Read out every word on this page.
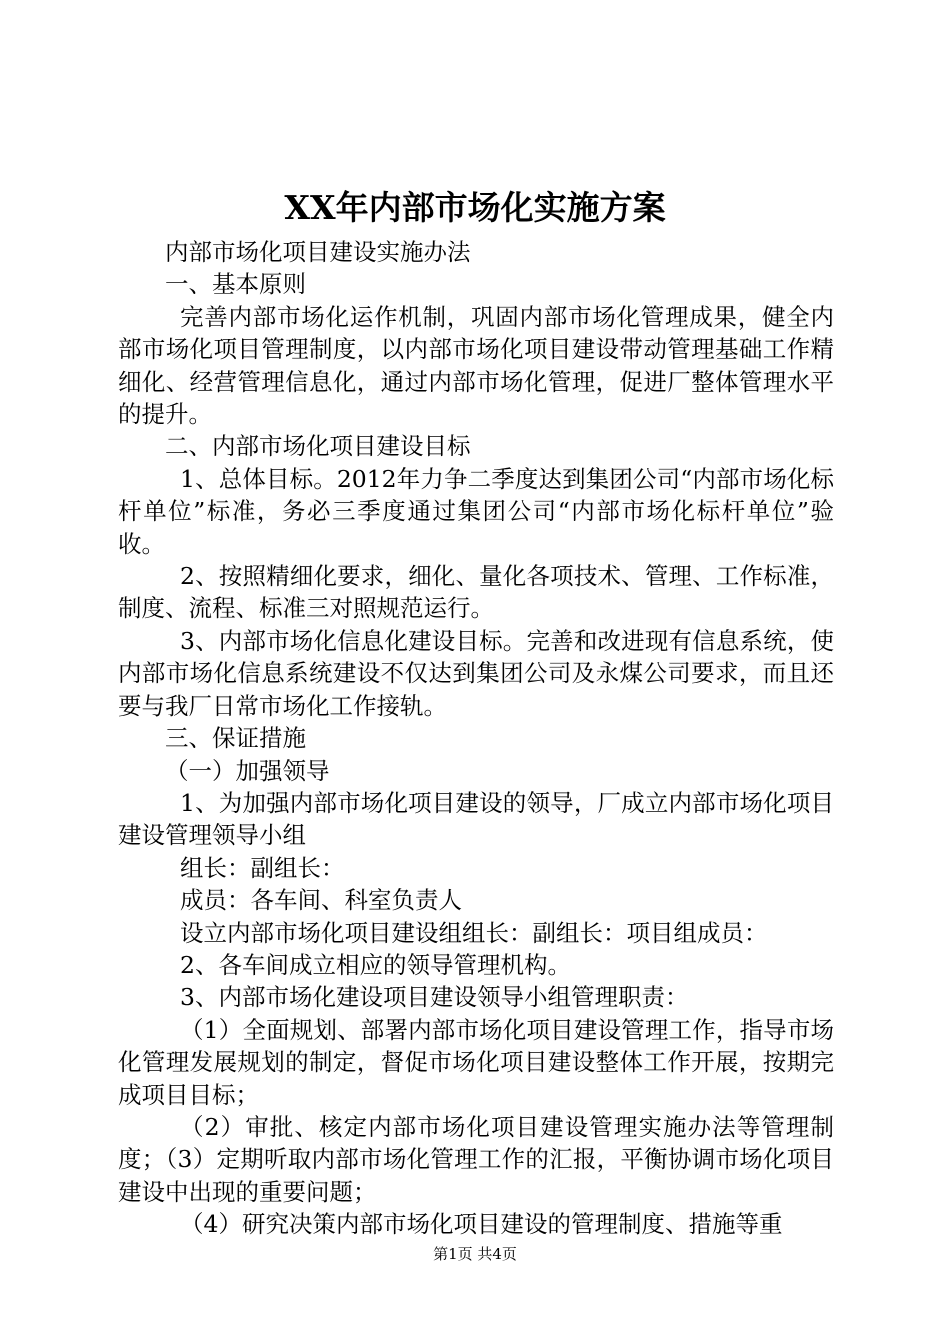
XX年内部市场化实施方案

内部市场化项目建设实施办法

一、基本原则

完善内部市场化运作机制，巩固内部市场化管理成果，健全内部市场化项目管理制度，以内部市场化项目建设带动管理基础工作精细化、经营管理信息化，通过内部市场化管理，促进厂整体管理水平的提升。

二、内部市场化项目建设目标

1、总体目标。2012年力争二季度达到集团公司“内部市场化标杆单位”标准，务必三季度通过集团公司“内部市场化标杆单位”验收。

2、按照精细化要求，细化、量化各项技术、管理、工作标准，制度、流程、标准三对照规范运行。

3、内部市场化信息化建设目标。完善和改进现有信息系统，使内部市场化信息系统建设不仅达到集团公司及永煤公司要求，而且还要与我厂日常市场化工作接轨。

三、保证措施

（一）加强领导

1、为加强内部市场化项目建设的领导，厂成立内部市场化项目建设管理领导小组

组长：副组长：

成员：各车间、科室负责人

设立内部市场化项目建设组组长：副组长：项目组成员：

2、各车间成立相应的领导管理机构。

3、内部市场化建设项目建设领导小组管理职责：

（1）全面规划、部署内部市场化项目建设管理工作，指导市场化管理发展规划的制定，督促市场化项目建设整体工作开展，按期完成项目目标；

（2）审批、核定内部市场化项目建设管理实施办法等管理制度；（3）定期听取内部市场化管理工作的汇报，平衡协调市场化项目建设中出现的重要问题；

（4）研究决策内部市场化项目建设的管理制度、措施等重

第1页 共4页
